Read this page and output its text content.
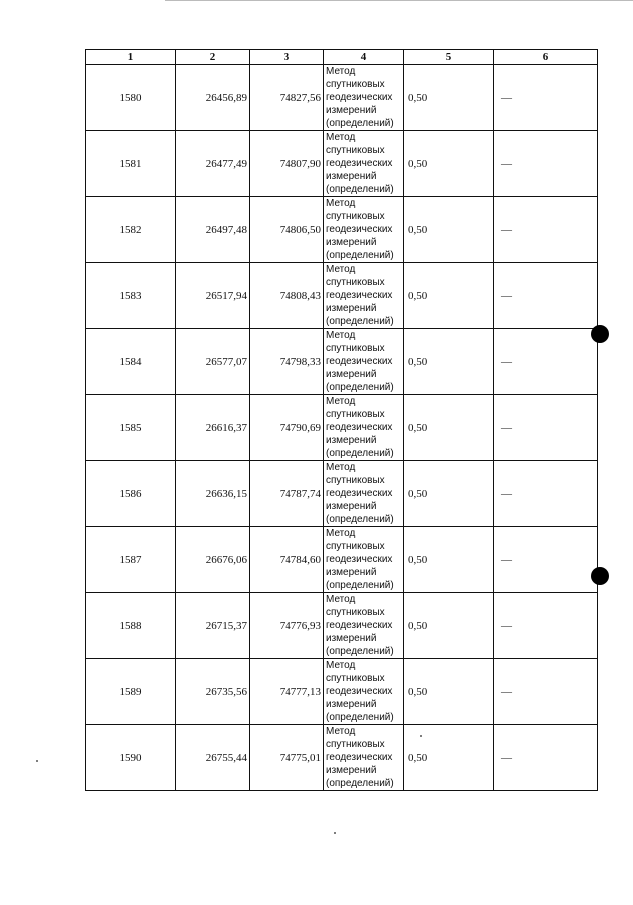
1	2	3	4	5	6
1580	26456,89	74827,56	Метод
спутниковых
геодезических
измерений
(определений)	0,50	—
1581	26477,49	74807,90	Метод
спутниковых
геодезических
измерений
(определений)	0,50	—
1582	26497,48	74806,50	Метод
спутниковых
геодезических
измерений
(определений)	0,50	—
1583	26517,94	74808,43	Метод
спутниковых
геодезических
измерений
(определений)	0,50	—
1584	26577,07	74798,33	Метод
спутниковых
геодезических
измерений
(определений)	0,50	—
1585	26616,37	74790,69	Метод
спутниковых
геодезических
измерений
(определений)	0,50	—
1586	26636,15	74787,74	Метод
спутниковых
геодезических
измерений
(определений)	0,50	—
1587	26676,06	74784,60	Метод
спутниковых
геодезических
измерений
(определений)	0,50	—
1588	26715,37	74776,93	Метод
спутниковых
геодезических
измерений
(определений)	0,50	—
1589	26735,56	74777,13	Метод
спутниковых
геодезических
измерений
(определений)	0,50	—
1590	26755,44	74775,01	Метод
спутниковых
геодезических
измерений
(определений)	0,50	—
